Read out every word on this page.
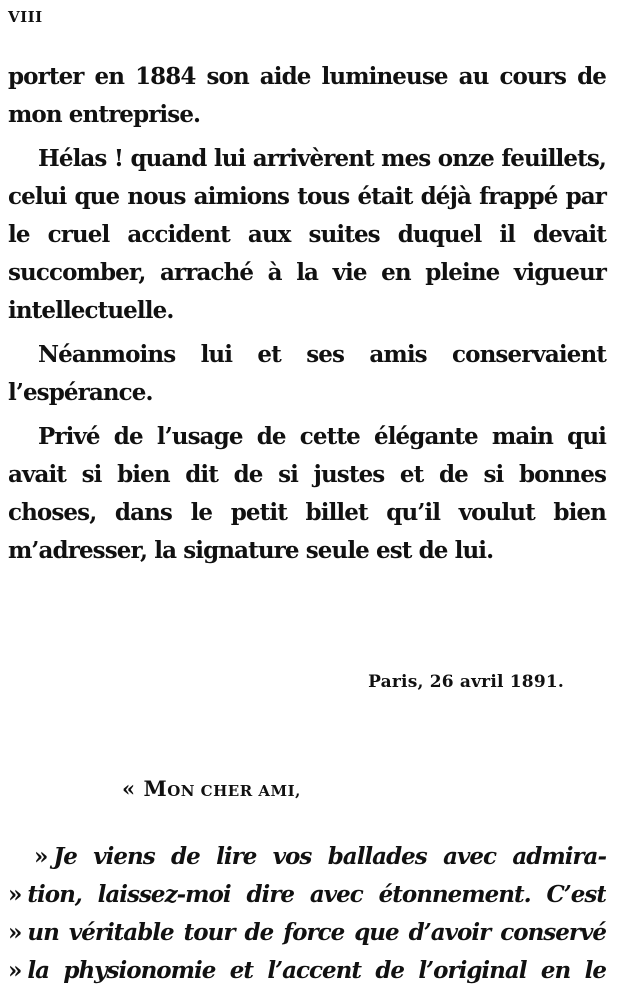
VIII

porter en 1884 son aide lumineuse au cours de mon entreprise.

Hélas ! quand lui arrivèrent mes onze feuillets, celui que nous aimions tous était déjà frappé par le cruel accident aux suites duquel il devait succomber, arraché à la vie en pleine vigueur intellectuelle.

Néanmoins lui et ses amis conservaient l’espérance.

Privé de l’usage de cette élégante main qui avait si bien dit de si justes et de si bonnes choses, dans le petit billet qu’il voulut bien m’adresser, la signature seule est de lui.

Paris, 26 avril 1891.
« MON CHER AMI,
» Je viens de lire vos ballades avec admira-
» tion, laissez-moi dire avec étonnement. C’est
» un véritable tour de force que d’avoir conservé
» la physionomie et l’accent de l’original en le
